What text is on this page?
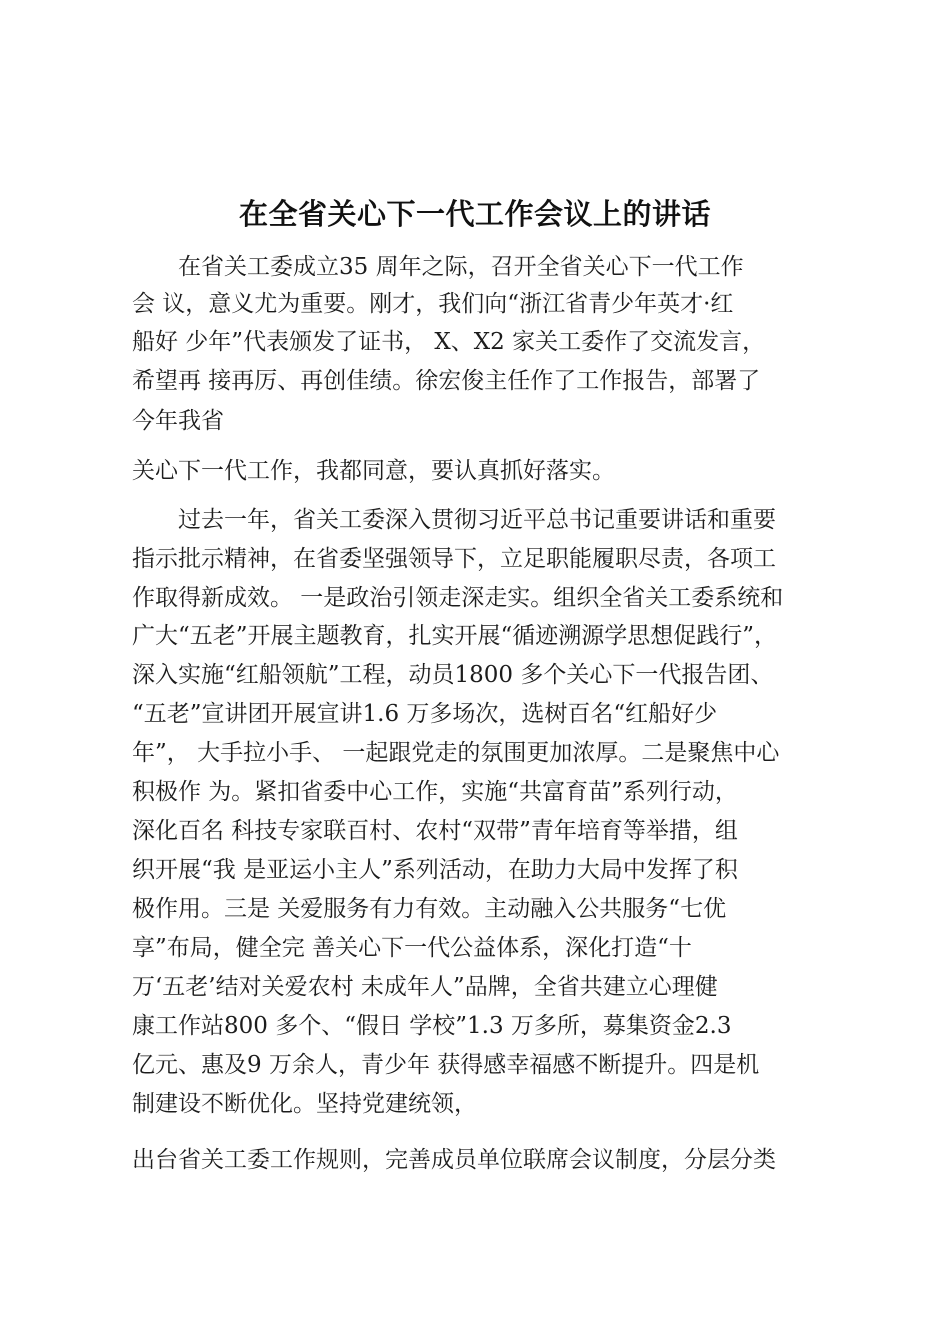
在全省关心下一代工作会议上的讲话
　　在省关工委成立35 周年之际，召开全省关心下一代工作
会 议，意义尤为重要。刚才，我们向“浙江省青少年英才·红
船好 少年”代表颁发了证书， X、X2 家关工委作了交流发言，
希望再 接再厉、再创佳绩。徐宏俊主任作了工作报告，部署了
今年我省
关心下一代工作，我都同意，要认真抓好落实。
　　过去一年，省关工委深入贯彻习近平总书记重要讲话和重要
指示批示精神，在省委坚强领导下，立足职能履职尽责，各项工
作取得新成效。 一是政治引领走深走实。组织全省关工委系统和
广大“五老”开展主题教育，扎实开展“循迹溯源学思想促践行”，
深入实施“红船领航”工程，动员1800 多个关心下一代报告团、
“五老”宣讲团开展宣讲1.6 万多场次，选树百名“红船好少
年”， 大手拉小手、 一起跟党走的氛围更加浓厚。二是聚焦中心
积极作 为。紧扣省委中心工作，实施“共富育苗”系列行动，
深化百名 科技专家联百村、农村“双带”青年培育等举措，组
织开展“我 是亚运小主人”系列活动，在助力大局中发挥了积
极作用。三是 关爱服务有力有效。主动融入公共服务“七优
享”布局，健全完 善关心下一代公益体系，深化打造“十
万‘五老’结对关爱农村 未成年人”品牌，全省共建立心理健
康工作站800 多个、“假日 学校”1.3 万多所，募集资金2.3
亿元、惠及9 万余人，青少年 获得感幸福感不断提升。四是机
制建设不断优化。坚持党建统领，
出台省关工委工作规则，完善成员单位联席会议制度，分层分类
